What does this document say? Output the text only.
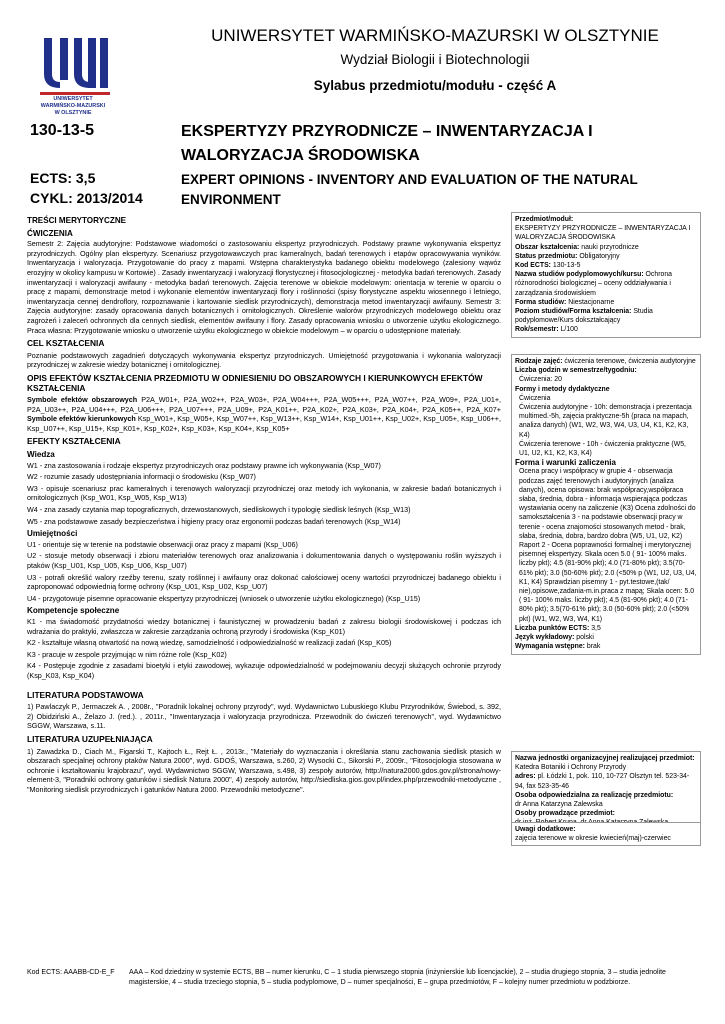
UNIWERSYTET
WARMIŃSKO-MAZURSKI
W OLSZTYNIE
UNIWERSYTET WARMIŃSKO-MAZURSKI W OLSZTYNIE
Wydział Biologii i Biotechnologii
Sylabus przedmiotu/modułu - część A
130-13-5	EKSPERTYZY PRZYRODNICZE – INWENTARYZACJA I WALORYZACJA ŚRODOWISKA
ECTS: 3,5
CYKL: 2013/2014
EXPERT OPINIONS - INVENTORY AND EVALUATION OF THE NATURAL ENVIRONMENT
TREŚCI MERYTORYCZNE
ĆWICZENIA

Semestr 2: Zajęcia audytoryjne: Podstawowe wiadomości o zastosowaniu ekspertyz przyrodniczych. Podstawy prawne wykonywania ekspertyz przyrodniczych. Ogólny plan ekspertyzy. Scenariusz przygotowawczych prac kameralnych, badań terenowych i etapów opracowywania wyników. Inwentaryzacja i waloryzacja. Przygotowanie do pracy z mapami. Wstępna charakterystyka badanego obiektu modelowego (zalesiony wąwóz erozyjny w okolicy kampusu w Kortowie) . Zasady inwentaryzacji i waloryzacji florystycznej i fitosocjologicznej - metodyka badań terenowych. Zasady inwentaryzacji i waloryzacji awifauny - metodyka badań terenowych. Zajęcia terenowe w obiekcie modelowym: orientacja w terenie w oparciu o pracę z mapami, demonstracje metod i wykonanie elementów inwentaryzacji flory i roślinności (spisy florystyczne aspektu wiosennego i letniego, inwentaryzacja cennej dendroflory, rozpoznawanie i kartowanie siedlisk przyrodniczych), demonstracja metod inwentaryzacji awifauny. Semestr 3: Zajęcia audytoryjne: zasady opracowania danych botanicznych i ornitologicznych. Określenie walorów przyrodniczych modelowego obiektu oraz zagrożeń i zaleceń ochronnych dla cennych siedlisk, elementów awifauny i flory. Zasady opracowania wniosku o utworzenie użytku ekologicznego. Praca własna: Przygotowanie wniosku o utworzenie użytku ekologicznego w obiekcie modelowym – w oparciu o udostępnione materiały.

CEL KSZTAŁCENIA

Poznanie podstawowych zagadnień dotyczących wykonywania ekspertyz przyrodniczych. Umiejętność przygotowania i wykonania waloryzacji przyrodniczej w zakresie wiedzy botanicznej i ornitologicznej.

OPIS EFEKTÓW KSZTAŁCENIA PRZEDMIOTU W ODNIESIENIU DO OBSZAROWYCH I KIERUNKOWYCH EFEKTÓW KSZTAŁCENIA

Symbole efektów obszarowych P2A_W01+, P2A_W02++, P2A_W03+, P2A_W04+++, P2A_W05+++, P2A_W07++, P2A_W09+, P2A_U01+, P2A_U03++, P2A_U04+++, P2A_U06+++, P2A_U07+++, P2A_U09+, P2A_K01++, P2A_K02+, P2A_K03+, P2A_K04+, P2A_K05++, P2A_K07+ Symbole efektów kierunkowych Ksp_W01+, Ksp_W05+, Ksp_W07++, Ksp_W13++, Ksp_W14+, Ksp_U01++, Ksp_U02+, Ksp_U05+, Ksp_U06++, Ksp_U07++, Ksp_U15+, Ksp_K01+, Ksp_K02+, Ksp_K03+, Ksp_K04+, Ksp_K05+

EFEKTY KSZTAŁCENIA
Wiedza

W1 - zna zastosowania i rodzaje ekspertyz przyrodniczych oraz podstawy prawne ich wykonywania (Ksp_W07)

W2 - rozumie zasady udostępniania informacji o środowisku (Ksp_W07)

W3 - opisuje scenariusz prac kameralnych i terenowych waloryzacji przyrodniczej oraz metody ich wykonania, w zakresie badań botanicznych i ornitologicznych (Ksp_W01, Ksp_W05, Ksp_W13)

W4 - zna zasady czytania map topograficznych, drzewostanowych, siedliskowych i typologię siedlisk leśnych (Ksp_W13)

W5 - zna podstawowe zasady bezpieczeństwa i higieny pracy oraz ergonomii podczas badań terenowych (Ksp_W14)

Umiejętności

U1 - orientuje się w terenie na podstawie obserwacji oraz pracy z mapami (Ksp_U06)

U2 - stosuje metody obserwacji i zbioru materiałów terenowych oraz analizowania i dokumentowania danych o występowaniu roślin wyższych i ptaków (Ksp_U01, Ksp_U05, Ksp_U06, Ksp_U07)

U3 - potrafi określić walory rzeźby terenu, szaty roślinnej i awifauny oraz dokonać całościowej oceny wartości przyrodniczej badanego obiektu i zaproponować odpowiednią formę ochrony (Ksp_U01, Ksp_U02, Ksp_U07)

U4 - przygotowuje pisemne opracowanie ekspertyzy przyrodniczej (wniosek o utworzenie użytku ekologicznego) (Ksp_U15)

Kompetencje społeczne

K1 - ma świadomość przydatności wiedzy botanicznej i faunistycznej w prowadzeniu badań z zakresu biologii środowiskowej i podczas ich wdrażania do praktyki, zwłaszcza w zakresie zarządzania ochroną przyrody i środowiska (Ksp_K01)

K2 - kształtuje własną otwartość na nową wiedzę, samodzielność i odpowiedzialność w realizacji zadań (Ksp_K05)

K3 - pracuje w zespole przyjmując w nim różne role (Ksp_K02)

K4 - Postępuje zgodnie z zasadami bioetyki i etyki zawodowej, wykazuje odpowiedzialność w podejmowaniu decyzji służących ochronie przyrody (Ksp_K03, Ksp_K04)

LITERATURA PODSTAWOWA

1) Pawlaczyk P., Jermaczek A. , 2008r., "Poradnik lokalnej ochrony przyrody", wyd. Wydawnictwo Lubuskiego Klubu Przyrodników, Świebod, s. 392, 2) Obidziński A., Żelazo J. (red.). , 2011r., "Inwentaryzacja i waloryzacja przyrodnicza. Przewodnik do ćwiczeń terenowych", wyd. Wydawnictwo SGGW, Warszawa, s.11.

LITERATURA UZUPEŁNIAJĄCA

1) Zawadzka D., Ciach M., Figarski T., Kajtoch Ł., Rejt Ł. , 2013r., "Materiały do wyznaczania i określania stanu zachowania siedlisk ptasich w obszarach specjalnej ochrony ptaków Natura 2000", wyd. GDOŚ, Warszawa, s.260, 2) Wysocki C., Sikorski P., 2009r., "Fitosocjologia stosowana w ochronie i kształtowaniu krajobrazu", wyd. Wydawnictwo SGGW, Warszawa, s.498, 3) zespoły autorów, http://natura2000.gdos.gov.pl/strona/nowy-element-3, "Poradniki ochrony gatunków i siedlisk Natura 2000", 4) zespoły autorów, http://siedliska.gios.gov.pl/index.php/przewodniki-metodyczne , "Monitoring siedlisk przyrodniczych i gatunków Natura 2000. Przewodniki metodyczne".

Przedmiot/moduł:
EKSPERTYZY PRZYRODNICZE – INWENTARYZACJA I WALORYZACJA ŚRODOWISKA
Obszar kształcenia: nauki przyrodnicze
Status przedmiotu: Obligatoryjny
Kod ECTS: 130-13-5
Nazwa studiów podyplomowych/kursu: Ochrona różnorodności biologicznej – oceny oddziaływania i zarządzania środowiskiem
Forma studiów: Niestacjonarne
Poziom studiów/Forma kształcenia: Studia podyplomowe/Kurs dokształcający
Rok/semestr: L/100
Rodzaje zajęć: ćwiczenia terenowe, ćwiczenia audytoryjne
Liczba godzin w semestrze/tygodniu:
Ćwiczenia: 20
Formy i metody dydaktyczne
Ćwiczenia
Ćwiczenia audytoryjne - 10h: demonstracja i prezentacja multimed.-5h, zajęcia praktyczne-5h (praca na mapach, analiza danych) (W1, W2, W3, W4, U3, U4, K1, K2, K3, K4)
Ćwiczenia terenowe - 10h - ćwiczenia praktyczne (W5, U1, U2, K1, K2, K3, K4)
Forma i warunki zaliczenia
Ocena pracy i współpracy w grupie 4 - obserwacja podczas zajęć terenowych i audytoryjnych (analiza danych), ocena opisowa: brak współpracy,współpraca słaba, średnia, dobra - informacja wspierająca podczas wystawiania oceny na zaliczenie (K3) Ocena zdolności do samokształcenia 3 - na podstawie obserwacji pracy w terenie - ocena znajomości stosowanych metod - brak, słaba, średnia, dobra, bardzo dobra (W5, U1, U2, K2) Raport 2 - Ocena poprawności formalnej i merytorycznej pisemnej ekspertyzy. Skala ocen 5.0 ( 91- 100% maks. liczby pkt); 4.5 (81-90% pkt); 4.0 (71-80% pkt); 3.5(70-61% pkt); 3.0 (50-60% pkt); 2.0 (<50% p (W1, U2, U3, U4, K1, K4) Sprawdzian pisemny 1 - pyt.testowe,(tak/ nie),opisowe,zadania-m.in.praca z mapą; Skala ocen: 5.0 ( 91- 100% maks. liczby pkt); 4.5 (81-90% pkt); 4.0 (71-80% pkt); 3.5(70-61% pkt); 3.0 (50-60% pkt); 2.0 (<50% pkt) (W1, W2, W3, W4, K1)
Liczba punktów ECTS: 3,5
Język wykładowy: polski
Wymagania wstępne: brak
Nazwa jednostki organizacyjnej realizującej przedmiot:
Katedra Botaniki i Ochrony Przyrody
adres: pl. Łódzki 1, pok. 110, 10-727 Olsztyn tel. 523-34-94, fax 523-35-46
Osoba odpowiedzialna za realizację przedmiotu:
dr Anna Katarzyna Zalewska
Osoby prowadzące przedmiot:
Uwagi dodatkowe:
zajęcia terenowe w okresie kwiecień(maj)-czerwiec
Kod ECTS: AAABB-CD-E_F	AAA – Kod dziedziny w systemie ECTS, BB – numer kierunku, C – 1 studia pierwszego stopnia (inżynierskie lub licencjackie), 2 – studia drugiego stopnia, 3 – studia jednolite magisterskie, 4 – studia trzeciego stopnia, 5 – studia podyplomowe, D – numer specjalności, E – grupa przedmiotów, F – kolejny numer przedmiotu w podzbiorze.
